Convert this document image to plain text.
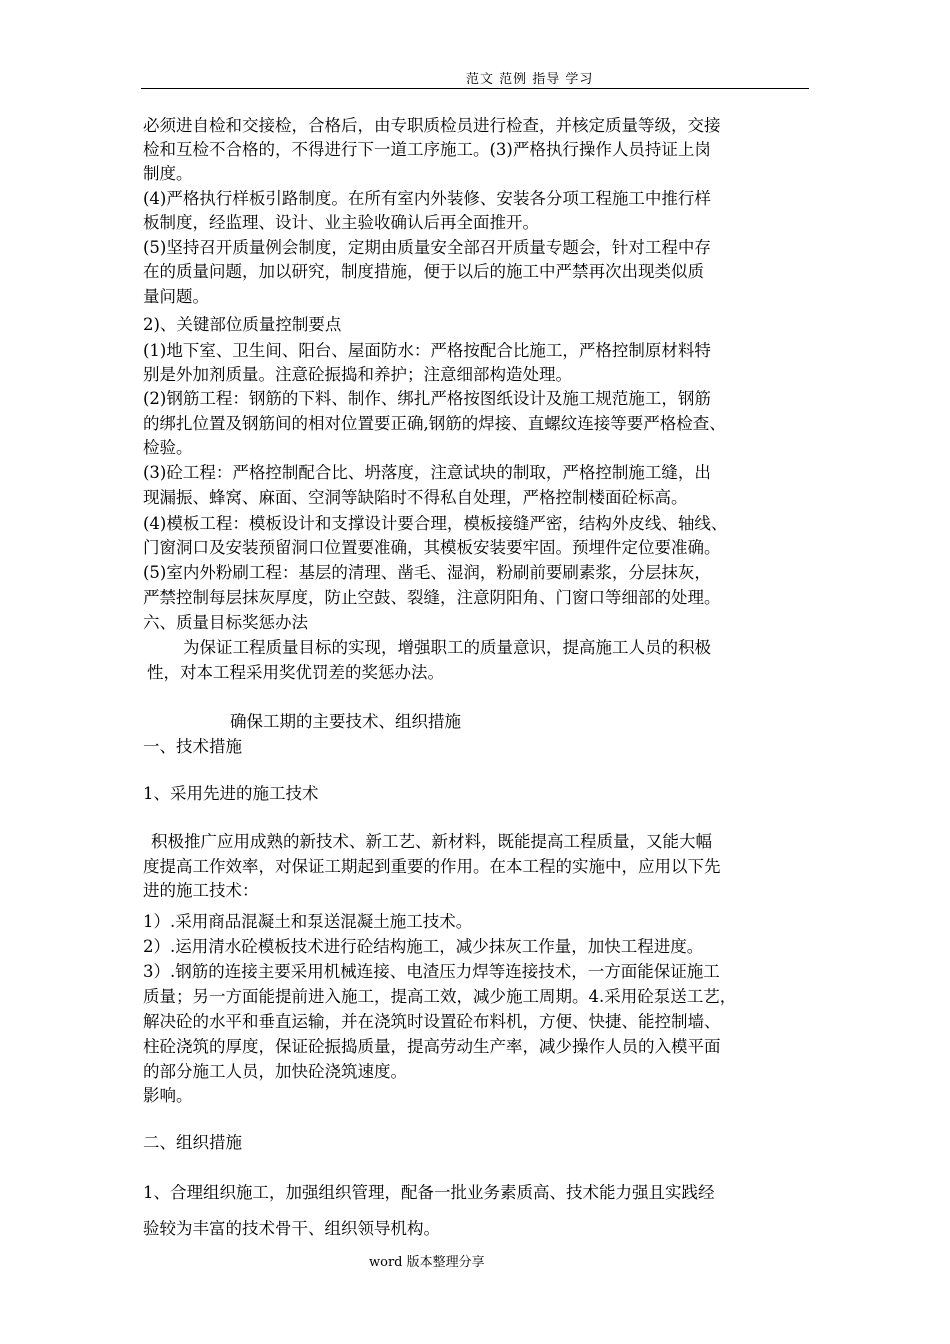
范文 范例 指导 学习
必须进自检和交接检，合格后，由专职质检员进行检查，并核定质量等级，交接
检和互检不合格的，不得进行下一道工序施工。(3)严格执行操作人员持证上岗
制度。
(4)严格执行样板引路制度。在所有室内外装修、安装各分项工程施工中推行样
板制度，经监理、设计、业主验收确认后再全面推开。
(5)坚持召开质量例会制度，定期由质量安全部召开质量专题会，针对工程中存
在的质量问题，加以研究，制度措施，便于以后的施工中严禁再次出现类似质
量问题。
2)、关键部位质量控制要点
(1)地下室、卫生间、阳台、屋面防水：严格按配合比施工，严格控制原材料特
别是外加剂质量。注意砼振捣和养护；注意细部构造处理。
(2)钢筋工程：钢筋的下料、制作、绑扎严格按图纸设计及施工规范施工，钢筋
的绑扎位置及钢筋间的相对位置要正确,钢筋的焊接、直螺纹连接等要严格检查、
检验。
(3)砼工程：严格控制配合比、坍落度，注意试块的制取，严格控制施工缝，出
现漏振、蜂窝、麻面、空洞等缺陷时不得私自处理，严格控制楼面砼标高。
(4)模板工程：模板设计和支撑设计要合理，模板接缝严密，结构外皮线、轴线、
门窗洞口及安装预留洞口位置要准确，其模板安装要牢固。预埋件定位要准确。
(5)室内外粉刷工程：基层的清理、凿毛、湿润，粉刷前要刷素浆，分层抹灰，
严禁控制每层抹灰厚度，防止空鼓、裂缝，注意阴阳角、门窗口等细部的处理。
六、质量目标奖惩办法
为保证工程质量目标的实现，增强职工的质量意识，提高施工人员的积极
性，对本工程采用奖优罚差的奖惩办法。
确保工期的主要技术、组织措施
一、技术措施
1、采用先进的施工技术
积极推广应用成熟的新技术、新工艺、新材料，既能提高工程质量，又能大幅
度提高工作效率，对保证工期起到重要的作用。在本工程的实施中，应用以下先
进的施工技术：
1）.采用商品混凝土和泵送混凝土施工技术。
2）.运用清水砼模板技术进行砼结构施工，减少抹灰工作量，加快工程进度。
3）.钢筋的连接主要采用机械连接、电渣压力焊等连接技术，一方面能保证施工
质量；另一方面能提前进入施工，提高工效，减少施工周期。4.采用砼泵送工艺，
解决砼的水平和垂直运输，并在浇筑时设置砼布料机，方便、快捷、能控制墙、
柱砼浇筑的厚度，保证砼振捣质量，提高劳动生产率，减少操作人员的入模平面
的部分施工人员，加快砼浇筑速度。
影响。
二、组织措施
1、合理组织施工，加强组织管理，配备一批业务素质高、技术能力强且实践经
验较为丰富的技术骨干、组织领导机构。
word 版本整理分享
